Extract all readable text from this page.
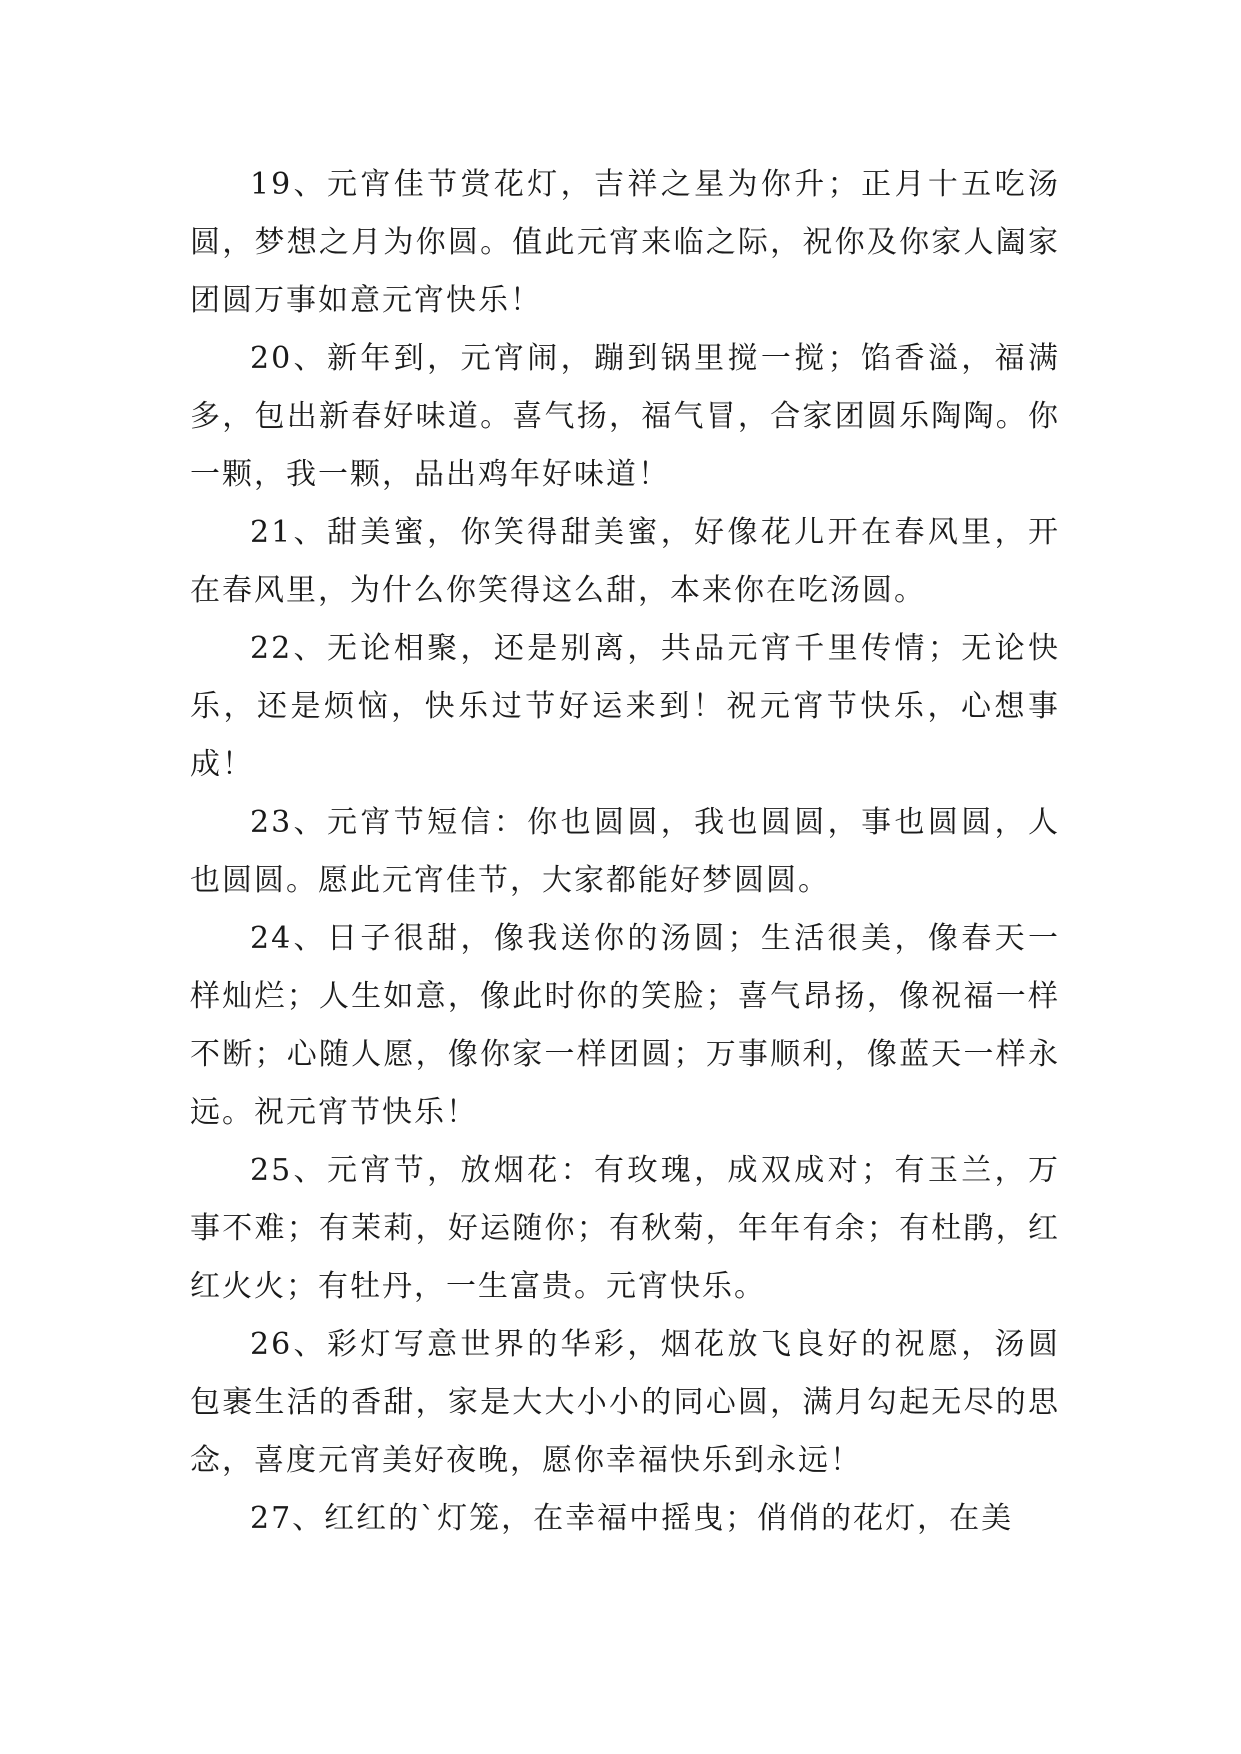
19、元宵佳节赏花灯，吉祥之星为你升；正月十五吃汤圆，梦想之月为你圆。值此元宵来临之际，祝你及你家人阖家团圆万事如意元宵快乐！

20、新年到，元宵闹，蹦到锅里搅一搅；馅香溢，福满多，包出新春好味道。喜气扬，福气冒，合家团圆乐陶陶。你一颗，我一颗，品出鸡年好味道！

21、甜美蜜，你笑得甜美蜜，好像花儿开在春风里，开在春风里，为什么你笑得这么甜，本来你在吃汤圆。

22、无论相聚，还是别离，共品元宵千里传情；无论快乐，还是烦恼，快乐过节好运来到！祝元宵节快乐，心想事成！

23、元宵节短信：你也圆圆，我也圆圆，事也圆圆，人也圆圆。愿此元宵佳节，大家都能好梦圆圆。

24、日子很甜，像我送你的汤圆；生活很美，像春天一样灿烂；人生如意，像此时你的笑脸；喜气昂扬，像祝福一样不断；心随人愿，像你家一样团圆；万事顺利，像蓝天一样永远。祝元宵节快乐！

25、元宵节，放烟花：有玫瑰，成双成对；有玉兰，万事不难；有茉莉，好运随你；有秋菊，年年有余；有杜鹃，红红火火；有牡丹，一生富贵。元宵快乐。

26、彩灯写意世界的华彩，烟花放飞良好的祝愿，汤圆包裹生活的香甜，家是大大小小的同心圆，满月勾起无尽的思念，喜度元宵美好夜晚，愿你幸福快乐到永远！

27、红红的`灯笼，在幸福中摇曳；俏俏的花灯，在美
